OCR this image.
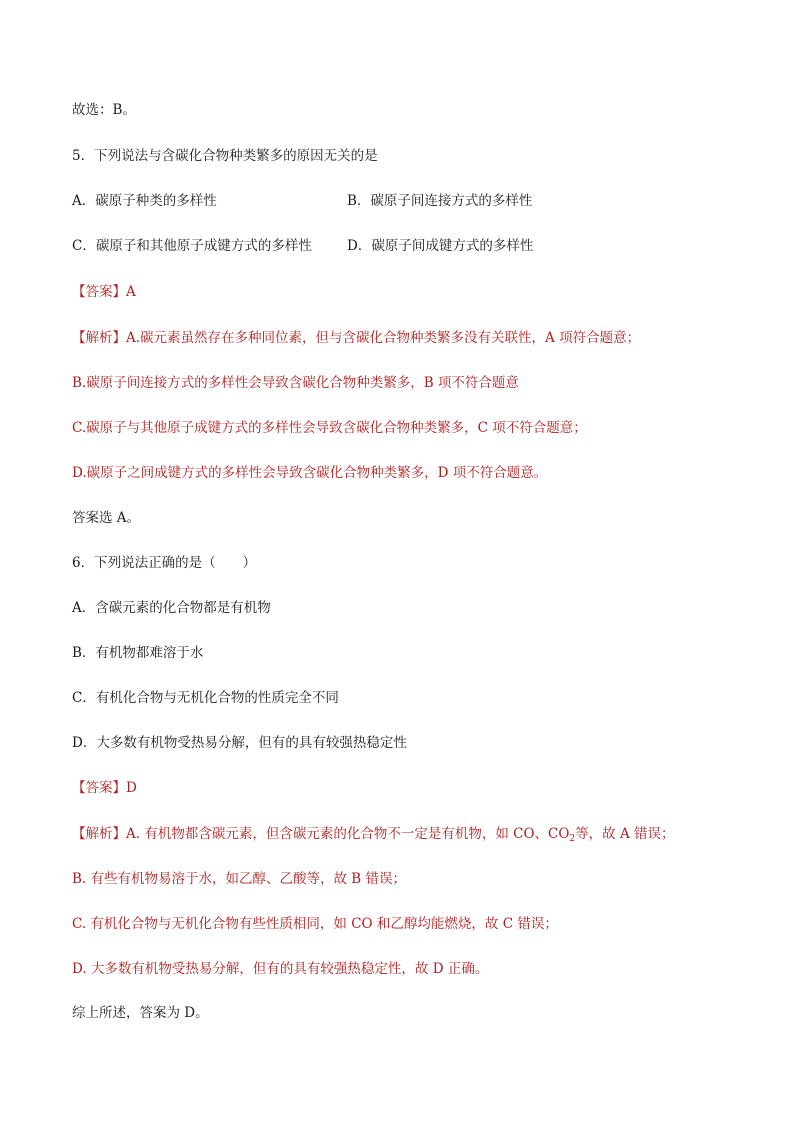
故选：B。
5．下列说法与含碳化合物种类繁多的原因无关的是
A．碳原子种类的多样性	B．碳原子间连接方式的多样性
C．碳原子和其他原子成键方式的多样性	D．碳原子间成键方式的多样性
【答案】A
【解析】A.碳元素虽然存在多种同位素，但与含碳化合物种类繁多没有关联性，A 项符合题意；
B.碳原子间连接方式的多样性会导致含碳化合物种类繁多，B 项不符合题意
C.碳原子与其他原子成键方式的多样性会导致含碳化合物种类繁多，C 项不符合题意；
D.碳原子之间成键方式的多样性会导致含碳化合物种类繁多，D 项不符合题意。
答案选 A。
6．下列说法正确的是（　　）
A．含碳元素的化合物都是有机物
B．有机物都难溶于水
C．有机化合物与无机化合物的性质完全不同
D．大多数有机物受热易分解，但有的具有较强热稳定性
【答案】D
【解析】A. 有机物都含碳元素，但含碳元素的化合物不一定是有机物，如 CO、$CO_2$等，故 A 错误；
B. 有些有机物易溶于水，如乙醇、乙酸等，故 B 错误；
C. 有机化合物与无机化合物有些性质相同，如 CO 和乙醇均能燃烧，故 C 错误；
D. 大多数有机物受热易分解，但有的具有较强热稳定性，故 D 正确。
综上所述，答案为 D。
